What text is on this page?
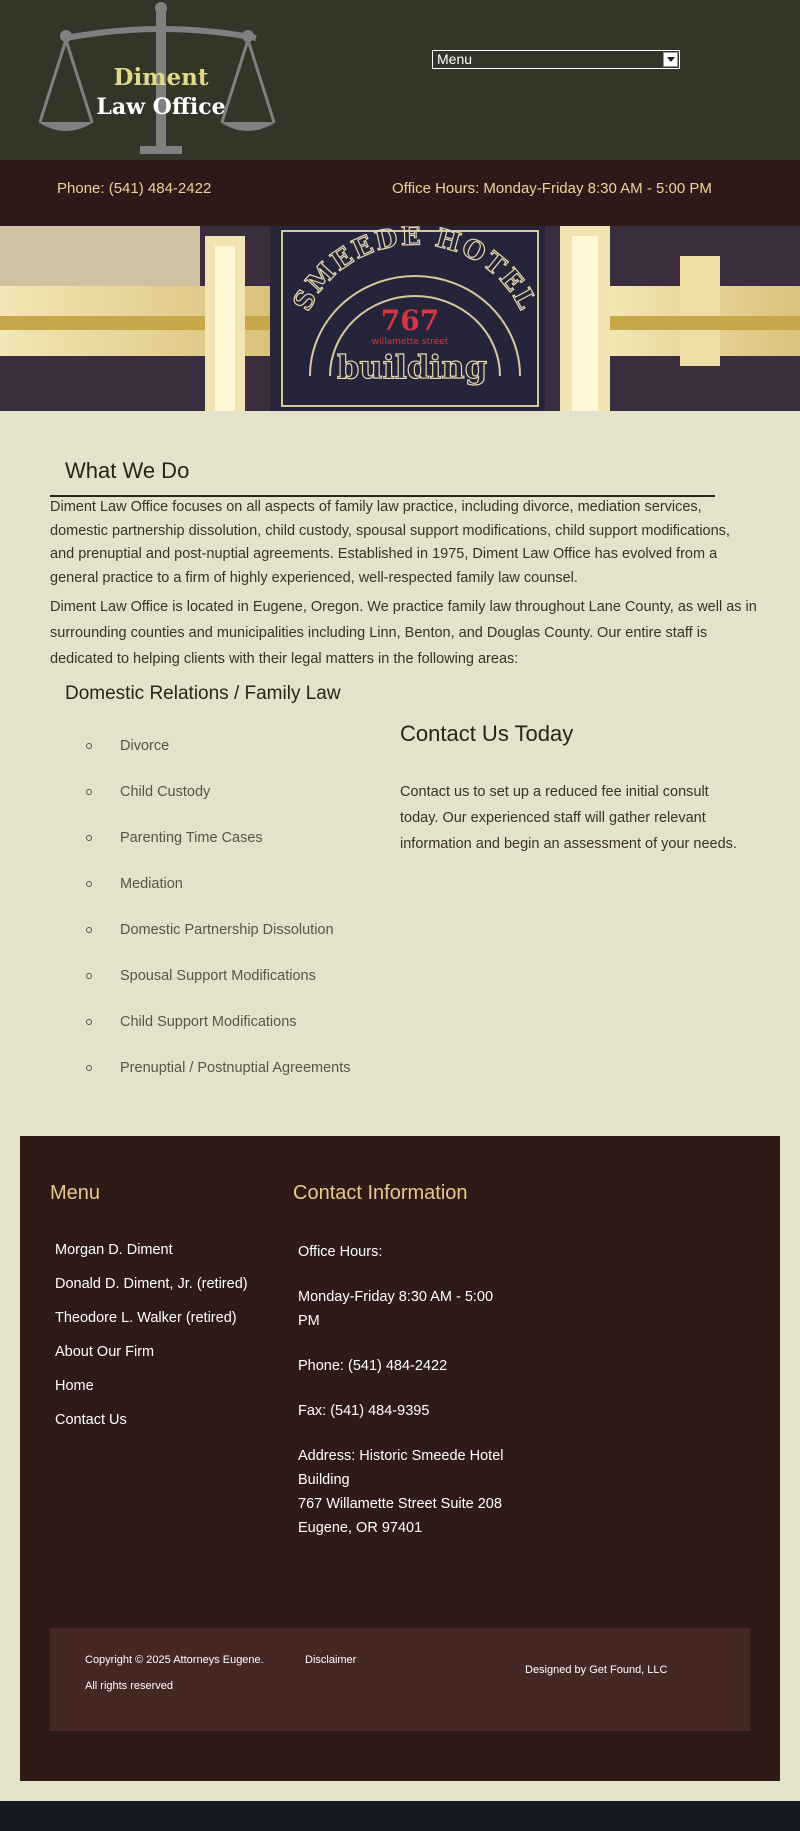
Diment
Law Office
Menu
Phone: (541) 484-2422	Office Hours: Monday-Friday 8:30 AM - 5:00 PM
SMEEDE HOTEL
767
willamette street
building
What We Do

Diment Law Office focuses on all aspects of family law practice, including divorce, mediation services, domestic partnership dissolution, child custody, spousal support modifications, child support modifications, and prenuptial and post-nuptial agreements. Established in 1975, Diment Law Office has evolved from a general practice to a firm of highly experienced, well-respected family law counsel.

Diment Law Office is located in Eugene, Oregon. We practice family law throughout Lane County, as well as in surrounding counties and municipalities including Linn, Benton, and Douglas County. Our entire staff is dedicated to helping clients with their legal matters in the following areas:

Domestic Relations / Family Law
Divorce
Child Custody
Parenting Time Cases
Mediation
Domestic Partnership Dissolution
Spousal Support Modifications
Child Support Modifications
Prenuptial / Postnuptial Agreements
Contact Us Today

Contact us to set up a reduced fee initial consult today. Our experienced staff will gather relevant information and begin an assessment of your needs.

Menu	Contact Information
Morgan D. Diment
Donald D. Diment, Jr. (retired)
Theodore L. Walker (retired)
About Our Firm
Home
Contact Us
Office Hours:
Monday-Friday 8:30 AM - 5:00 PM
Phone: (541) 484-2422
Fax: (541) 484-9395
Address: Historic Smeede Hotel Building
767 Willamette Street Suite 208
Eugene, OR 97401
Copyright © 2025 Attorneys Eugene.
All rights reserved
Disclaimer
Designed by Get Found, LLC
